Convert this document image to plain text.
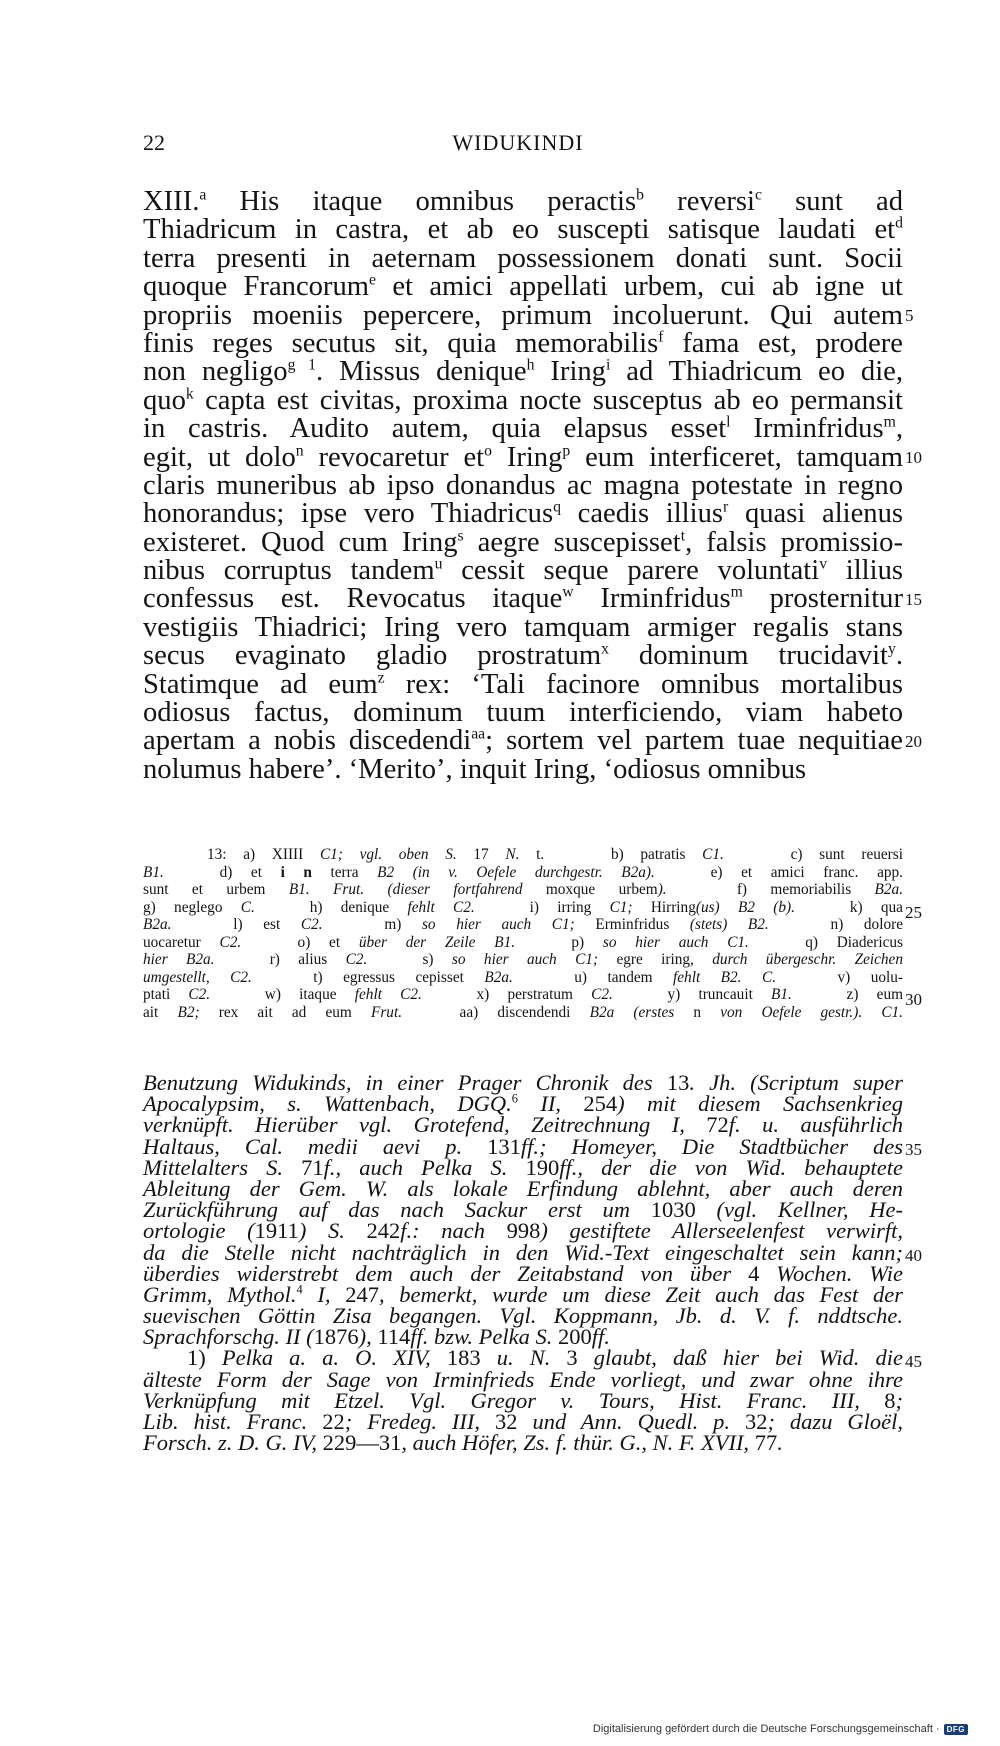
22	WIDUKINDI
XIII.$^a$ His itaque omnibus peractis$^b$ reversi$^c$ sunt ad
Thiadricum in castra, et ab eo suscepti satisque laudati $et^d$
terra presenti in aeternam possessionem donati sunt. Socii
quoque Francorum$^e$ et amici appellati urbem, cui ab igne ut
propriis moeniis pepercere, primum incoluerunt. Qui autem
finis reges secutus sit, quia memorabilis$^f$ fama est, prodere
non negligo$^{g 1}$. Missus denique$^h$ Iring$^i$ ad Thiadricum eo die,
quo$^k$ capta est civitas, proxima nocte susceptus ab eo permansit
in castris. Audito autem, quia elapsus esset$^l$ Irminfridus$^m$,
egit, ut dolo$^n$ revocaretur $et^o$ Iring$^p$ eum interficeret, tamquam
claris muneribus ab ipso donandus ac magna potestate in regno
honorandus; ipse vero Thiadricus$^q$ caedis illius$^r$ quasi alienus
existeret. Quod cum Iring$^s$ aegre suscepisset$^t$, falsis promissio-
nibus corruptus tandem$^u$ cessit seque parere voluntati$^v$ illius
confessus est. Revocatus itaque$^w$ Irminfridus$^m$ prosternitur
vestigiis Thiadrici; Iring vero tamquam armiger regalis stans
secus evaginato gladio prostratum$^x$ dominum trucidavit$^y$.
Statimque ad eum$^z$ rex: ‘Tali facinore omnibus mortalibus
odiosus factus, dominum tuum interficiendo, viam habeto
apertam a nobis discedendi$^{aa}$; sortem vel partem tuae nequitiae
nolumus habere’. ‘Merito’, inquit Iring, ‘odiosus omnibus
13: a) XIIII C1; vgl. oben S. 17 N. t.    b) patratis C1.    c) sunt reuersi
B1.   d) et i n terra B2 (in v. Oefele durchgestr. B2a).   e) et amici franc. app.
sunt et urbem B1. Frut. (dieser fortfahrend moxque urbem).   f) memoriabilis B2a.
g) neglego C.   h) denique fehlt C2.   i) irring C1; Hirring(us) B2 (b).   k) qua
B2a.   l) est C2.   m) so hier auch C1; Erminfridus (stets) B2.   n) dolore
uocaretur C2.   o) et über der Zeile B1.   p) so hier auch C1.   q) Diadericus
hier B2a.   r) alius C2.   s) so hier auch C1; egre iring, durch übergeschr. Zeichen
umgestellt, C2.   t) egressus cepisset B2a.   u) tandem fehlt B2. C.   v) uolu-
ptati C2.   w) itaque fehlt C2.   x) perstratum C2.   y) truncauit B1.   z) eum
ait B2; rex ait ad eum Frut.   aa) discendendi B2a (erstes n von Oefele gestr.). C1.
Benutzung Widukinds, in einer Prager Chronik des 13. Jh. (Scriptum super
Apocalypsim, s. Wattenbach, DGQ.$^6$ II, 254) mit diesem Sachsenkrieg
verknüpft. Hierüber vgl. Grotefend, Zeitrechnung I, 72f. u. ausführlich
Haltaus, Cal. medii aevi p. 131ff.; Homeyer, Die Stadtbücher des
Mittelalters S. 71f., auch Pelka S. 190ff., der die von Wid. behauptete
Ableitung der Gem. W. als lokale Erfindung ablehnt, aber auch deren
Zurückführung auf das nach Sackur erst um 1030 (vgl. Kellner, He-
ortologie (1911) S. 242f.: nach 998) gestiftete Allerseelenfest verwirft,
da die Stelle nicht nachträglich in den Wid.-Text eingeschaltet sein kann;
überdies widerstrebt dem auch der Zeitabstand von über 4 Wochen. Wie
Grimm, Mythol.$^4$ I, 247, bemerkt, wurde um diese Zeit auch das Fest der
suevischen Göttin Zisa begangen. Vgl. Koppmann, Jb. d. V. f. nddtsche.
Sprachforschg. II (1876), 114ff. bzw. Pelka S. 200ff.
1) Pelka a. a. O. XIV, 183 u. N. 3 glaubt, daß hier bei Wid. die
älteste Form der Sage von Irminfrieds Ende vorliegt, und zwar ohne ihre
Verknüpfung mit Etzel. Vgl. Gregor v. Tours, Hist. Franc. III, 8;
Lib. hist. Franc. 22; Fredeg. III, 32 und Ann. Quedl. p. 32; dazu Gloël,
Forsch. z. D. G. IV, 229—31, auch Höfer, Zs. f. thür. G., N. F. XVII, 77.
5
10
15
20
25
30
35
40
45
Digitalisierung gefördert durch die Deutsche Forschungsgemeinschaft · DFG
